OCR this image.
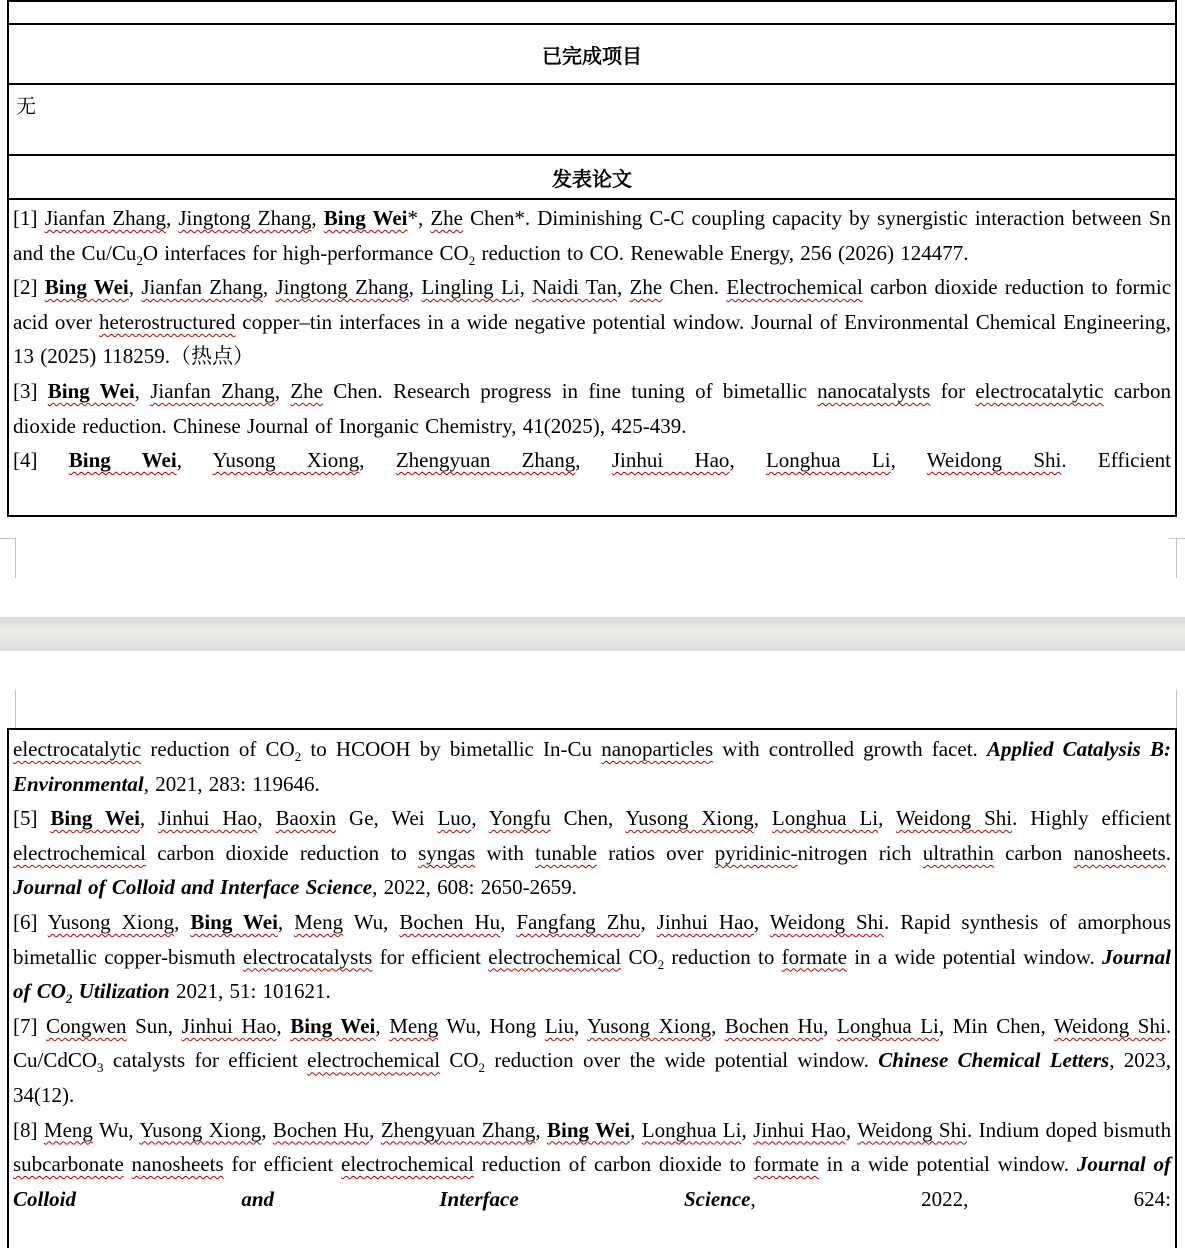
已完成项目
无
发表论文

[1] Jianfan Zhang, Jingtong Zhang, Bing Wei*, Zhe Chen*. Diminishing C-C coupling capacity by synergistic interaction between Sn and the $Cu/Cu_2O$ interfaces for high-performance $CO_2$ reduction to CO. Renewable Energy, 256 (2026) 124477.

[2] Bing Wei, Jianfan Zhang, Jingtong Zhang, Lingling Li, Naidi Tan, Zhe Chen. Electrochemical carbon dioxide reduction to formic acid over heterostructured copper–tin interfaces in a wide negative potential window. Journal of Environmental Chemical Engineering, 13 (2025) 118259.（热点）

[3] Bing Wei, Jianfan Zhang, Zhe Chen. Research progress in fine tuning of bimetallic nanocatalysts for electrocatalytic carbon dioxide reduction. Chinese Journal of Inorganic Chemistry, 41(2025), 425-439.

[4] Bing Wei, Yusong Xiong, Zhengyuan Zhang, Jinhui Hao, Longhua Li, Weidong Shi. Efficient

electrocatalytic reduction of $CO_2$ to HCOOH by bimetallic In-Cu nanoparticles with controlled growth facet. Applied Catalysis B: Environmental, 2021, 283: 119646.

[5] Bing Wei, Jinhui Hao, Baoxin Ge, Wei Luo, Yongfu Chen, Yusong Xiong, Longhua Li, Weidong Shi. Highly efficient electrochemical carbon dioxide reduction to syngas with tunable ratios over pyridinic-nitrogen rich ultrathin carbon nanosheets. Journal of Colloid and Interface Science, 2022, 608: 2650-2659.

[6] Yusong Xiong, Bing Wei, Meng Wu, Bochen Hu, Fangfang Zhu, Jinhui Hao, Weidong Shi. Rapid synthesis of amorphous bimetallic copper-bismuth electrocatalysts for efficient electrochemical $CO_2$ reduction to formate in a wide potential window. Journal of $CO_2$ Utilization 2021, 51: 101621.

[7] Congwen Sun, Jinhui Hao, Bing Wei, Meng Wu, Hong Liu, Yusong Xiong, Bochen Hu, Longhua Li, Min Chen, Weidong Shi. Cu/CdCO$_3$ catalysts for efficient electrochemical $CO_2$ reduction over the wide potential window. Chinese Chemical Letters, 2023, 34(12).

[8] Meng Wu, Yusong Xiong, Bochen Hu, Zhengyuan Zhang, Bing Wei, Longhua Li, Jinhui Hao, Weidong Shi. Indium doped bismuth subcarbonate nanosheets for efficient electrochemical reduction of carbon dioxide to formate in a wide potential window. Journal of Colloid and Interface Science, 2022, 624:
